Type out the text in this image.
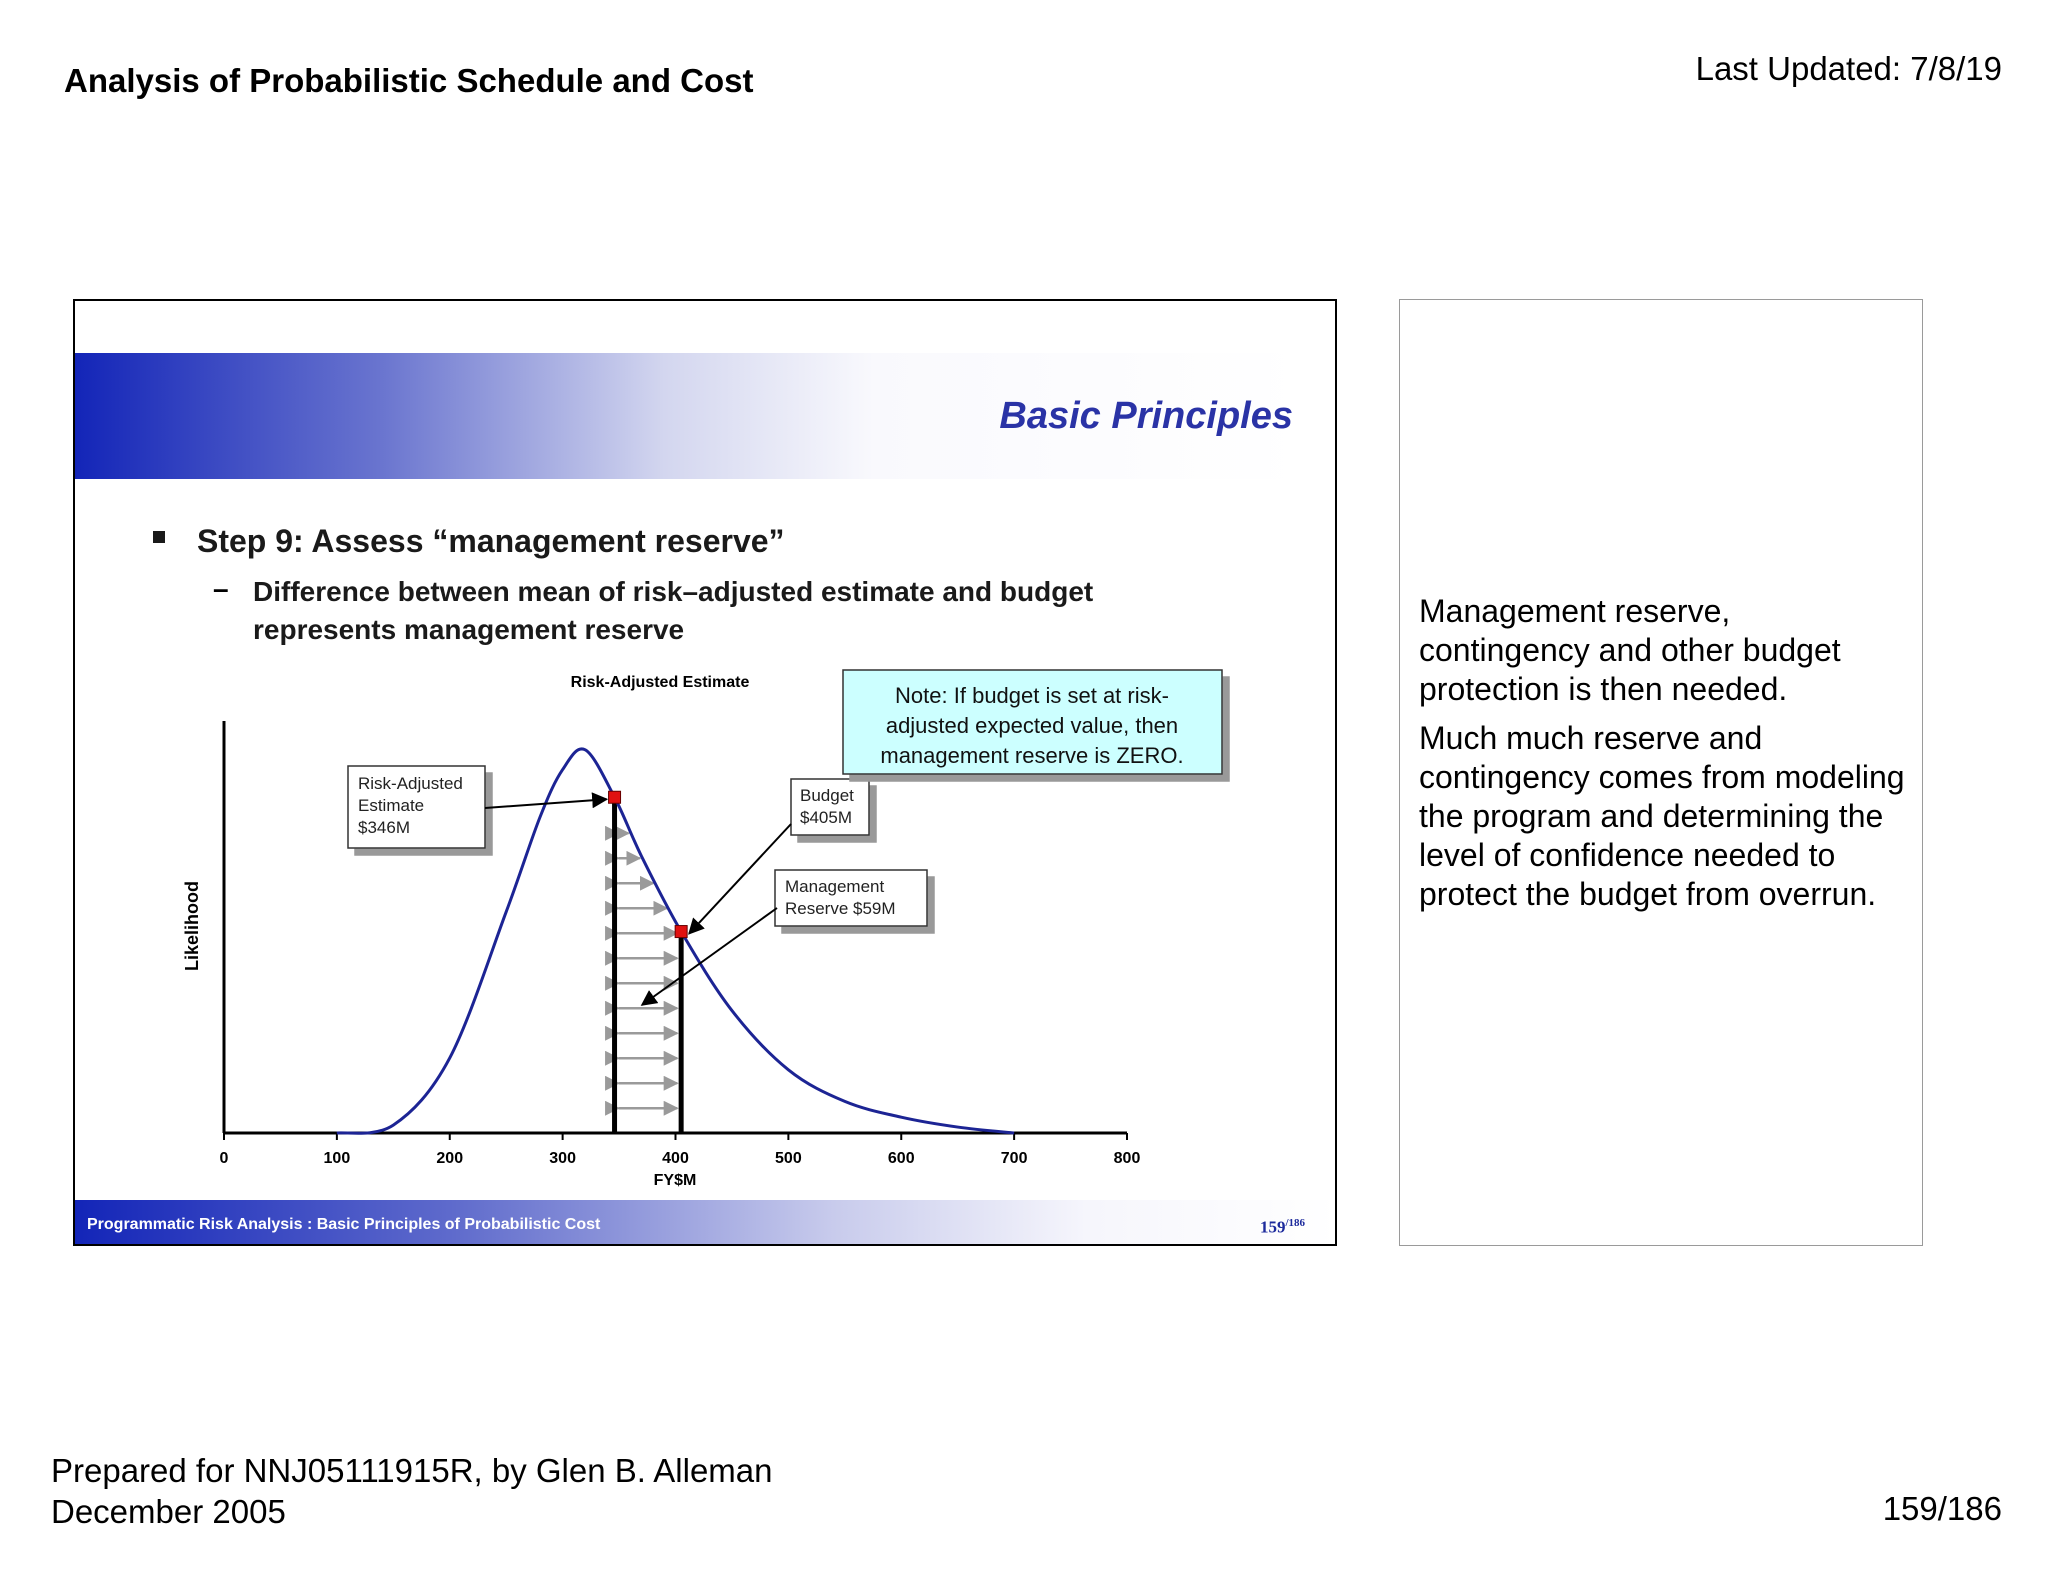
Analysis of Probabilistic Schedule and Cost	Last Updated: 7/8/19
Basic Principles
Step 9: Assess “management reserve”
– Difference between mean of risk–adjusted estimate and budget represents management reserve
Risk-Adjusted Estimate
Likelihood
FY$M
0	100	200	300	400	500	600	700	800
Risk-Adjusted
Estimate
$346M
Budget
$405M
Management
Reserve $59M
Note: If budget is set at risk-
adjusted expected value, then
management reserve is ZERO.
Programmatic Risk Analysis : Basic Principles of Probabilistic Cost	$159^{/186}$

Management reserve, contingency and other budget protection is then needed.

Much much reserve and contingency comes from modeling the program and determining the level of confidence needed to protect the budget from overrun.

Prepared for NNJ05111915R, by Glen B. Alleman
December 2005	159/186
